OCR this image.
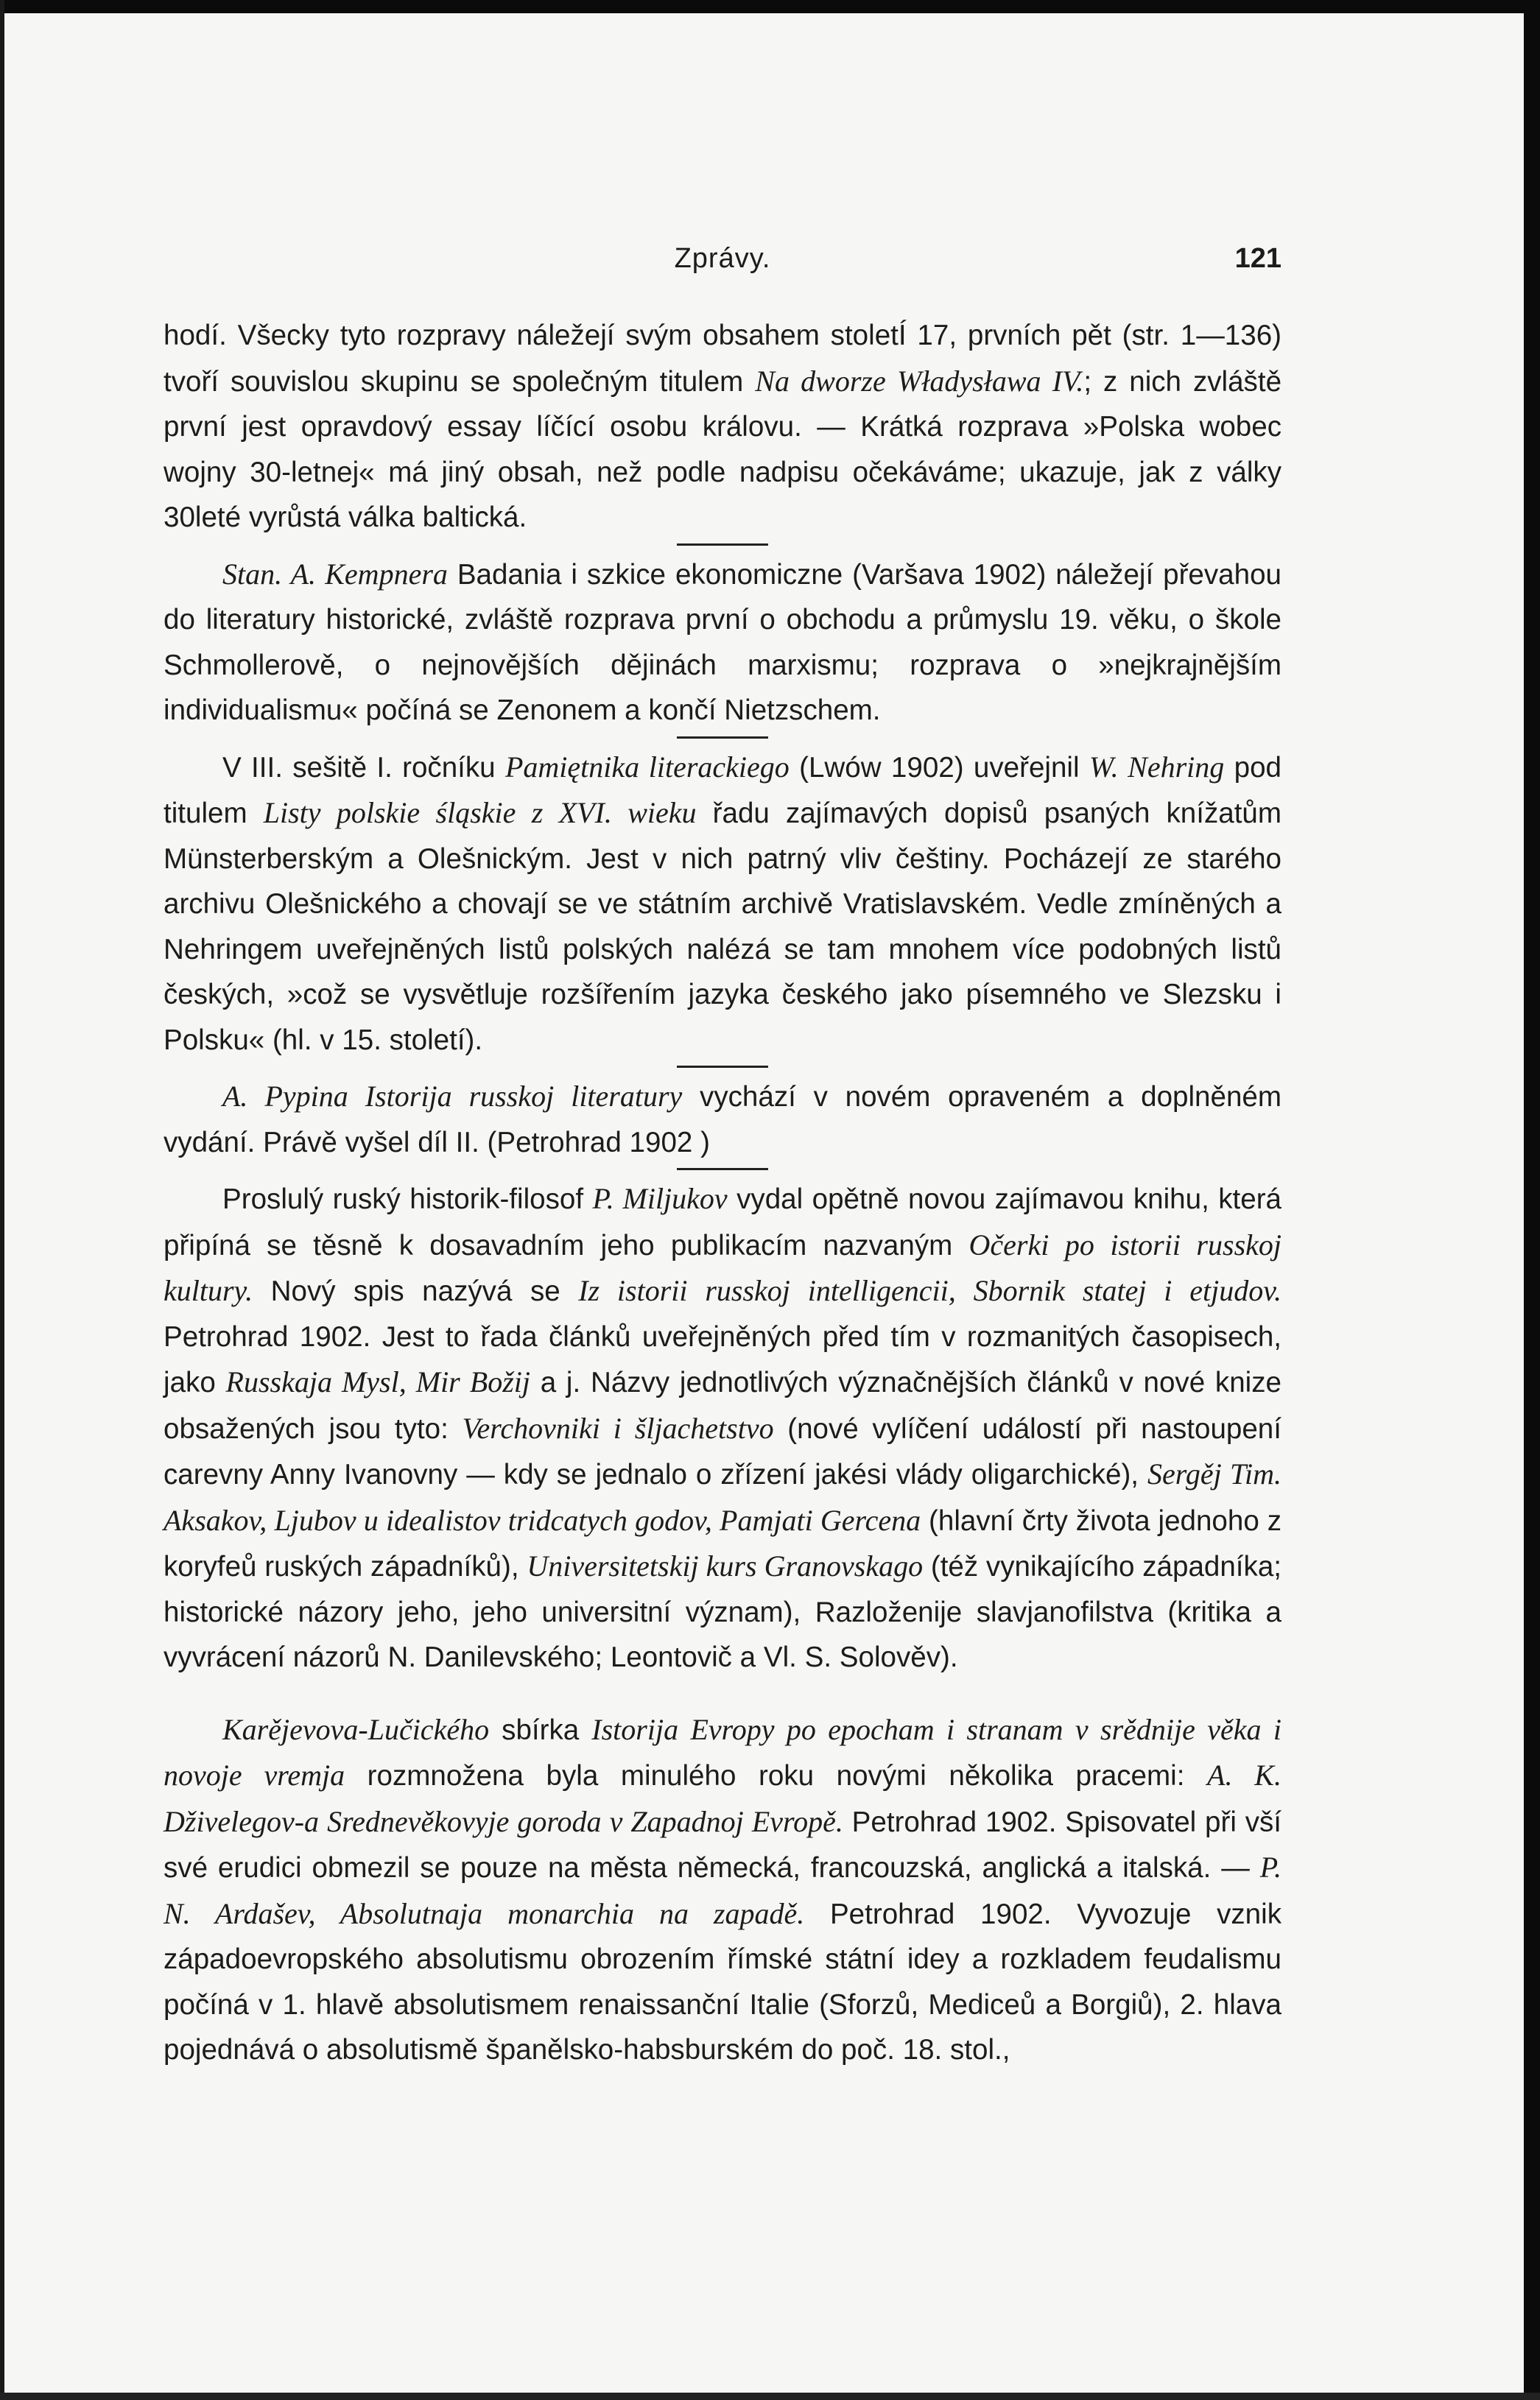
Zprávy.	121

hodí. Všecky tyto rozpravy náležejí svým obsahem stoletÍ 17, prvních pět (str. 1—136) tvoří souvislou skupinu se společným titulem Na dworze Władysława IV.; z nich zvláště první jest opravdový essay líčící osobu královu. — Krátká rozprava »Polska wobec wojny 30-letnej« má jiný obsah, než podle nadpisu očekáváme; ukazuje, jak z války 30leté vyrůstá válka baltická.

Stan. A. Kempnera Badania i szkice ekonomiczne (Varšava 1902) náležejí převahou do literatury historické, zvláště rozprava první o obchodu a průmyslu 19. věku, o škole Schmollerově, o nejnovějších dějinách marxismu; rozprava o »nejkrajnějším individualismu« počíná se Zenonem a končí Nietzschem.

V III. sešitě I. ročníku Pamiętnika literackiego (Lwów 1902) uveřejnil W. Nehring pod titulem Listy polskie śląskie z XVI. wieku řadu zajímavých dopisů psaných knížatům Münsterberským a Olešnickým. Jest v nich patrný vliv češtiny. Pocházejí ze starého archivu Olešnického a chovají se ve státním archivě Vratislavském. Vedle zmíněných a Nehringem uveřejněných listů polských nalézá se tam mnohem více podobných listů českých, »což se vysvětluje rozšířením jazyka českého jako písemného ve Slezsku i Polsku« (hl. v 15. století).

A. Pypina Istorija russkoj literatury vychází v novém opraveném a doplněném vydání. Právě vyšel díl II. (Petrohrad 1902 )

Proslulý ruský historik-filosof P. Miljukov vydal opětně novou zajímavou knihu, která připíná se těsně k dosavadním jeho publikacím nazvaným Očerki po istorii russkoj kultury. Nový spis nazývá se Iz istorii russkoj intelligencii, Sbornik statej i etjudov. Petrohrad 1902. Jest to řada článků uveřejněných před tím v rozmanitých časopisech, jako Russkaja Mysl, Mir Božij a j. Názvy jednotlivých význačnějších článků v nové knize obsažených jsou tyto: Verchovniki i šljachetstvo (nové vylíčení událostí při nastoupení carevny Anny Ivanovny — kdy se jednalo o zřízení jakési vlády oligarchické), Sergěj Tim. Aksakov, Ljubov u idealistov tridcatych godov, Pamjati Gercena (hlavní črty života jednoho z koryfeů ruských západníků), Universitetskij kurs Granovskago (též vynikajícího západníka; historické názory jeho, jeho universitní význam), Razloženije slavjanofilstva (kritika a vyvrácení názorů N. Danilevského; Leontovič a Vl. S. Solověv).

Karějevova-Lučického sbírka Istorija Evropy po epocham i stranam v srědnije věka i novoje vremja rozmnožena byla minulého roku novými několika pracemi: A. K. Dživelegov-a Srednevěkovyje goroda v Zapadnoj Evropě. Petrohrad 1902. Spisovatel při vší své erudici obmezil se pouze na města německá, francouzská, anglická a italská. — P. N. Ardašev, Absolutnaja monarchia na zapadě. Petrohrad 1902. Vyvozuje vznik západoevropského absolutismu obrozením římské státní idey a rozkladem feudalismu počíná v 1. hlavě absolutismem renaissanční Italie (Sforzů, Mediceů a Borgiů), 2. hlava pojednává o absolutismě španělsko-habsburském do poč. 18. stol.,
